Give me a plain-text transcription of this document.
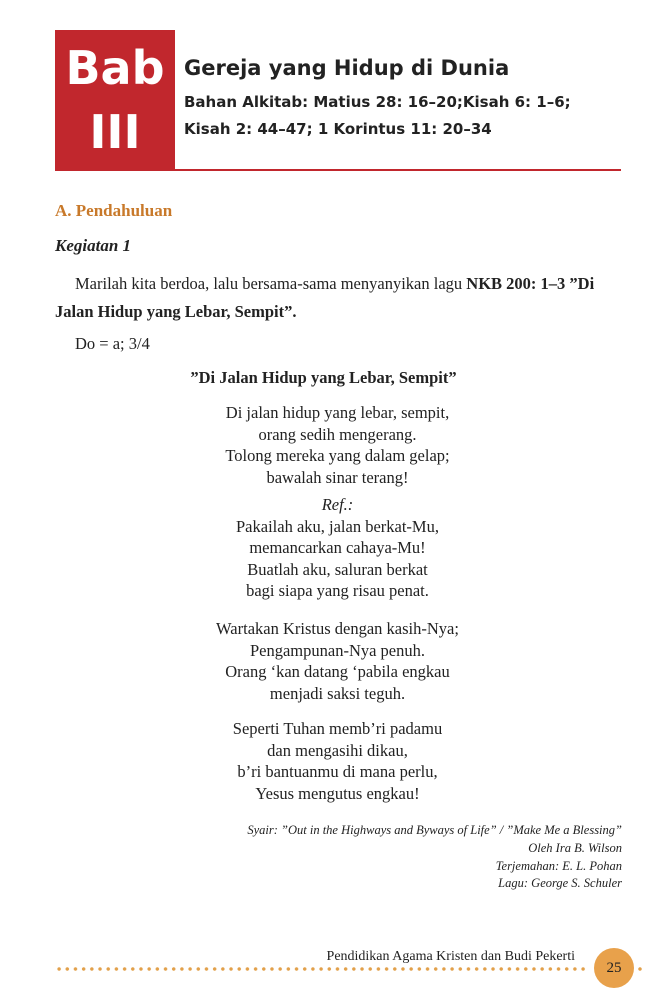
Bab
III
Gereja yang Hidup di Dunia
Bahan Alkitab: Matius 28: 16–20;Kisah 6: 1–6;
Kisah 2: 44–47; 1 Korintus 11: 20–34
A. Pendahuluan
Kegiatan 1
Marilah kita berdoa, lalu bersama-sama menyanyikan lagu NKB 200: 1–3 ”Di Jalan Hidup yang Lebar, Sempit”.
Do = a; 3/4
”Di Jalan Hidup yang Lebar, Sempit”
Di jalan hidup yang lebar, sempit,
orang sedih mengerang.
Tolong mereka yang dalam gelap;
bawalah sinar terang!
Ref.:
Pakailah aku, jalan berkat-Mu,
memancarkan cahaya-Mu!
Buatlah aku, saluran berkat
bagi siapa yang risau penat.
Wartakan Kristus dengan kasih-Nya;
Pengampunan-Nya penuh.
Orang ‘kan datang ‘pabila engkau
menjadi saksi teguh.
Seperti Tuhan memb’ri padamu
dan mengasihi dikau,
b’ri bantuanmu di mana perlu,
Yesus mengutus engkau!
Syair: ”Out in the Highways and Byways of Life” / ”Make Me a Blessing”
Oleh Ira B. Wilson
Terjemahan: E. L. Pohan
Lagu: George S. Schuler
Pendidikan Agama Kristen dan Budi Pekerti
25
